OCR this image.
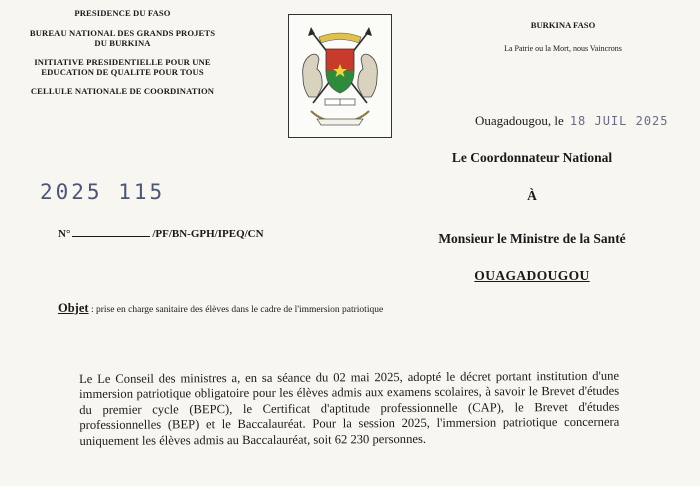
PRESIDENCE DU FASO
BUREAU NATIONAL DES GRANDS PROJETS
DU BURKINA
INITIATIVE PRESIDENTIELLE POUR UNE
EDUCATION DE QUALITE POUR TOUS
CELLULE NATIONALE DE COORDINATION
BURKINA FASO
La Patrie ou la Mort, nous Vaincrons
Ouagadougou, le 18 JUIL 2025
Le Coordonnateur National
À
Monsieur le Ministre de la Santé
OUAGADOUGOU
2025 115
N°	/PF/BN-GPH/IPEQ/CN
Objet : prise en charge sanitaire des élèves dans le cadre de l'immersion patriotique
Le Le Conseil des ministres a, en sa séance du 02 mai 2025, adopté le décret portant institution d'une immersion patriotique obligatoire pour les élèves admis aux examens scolaires, à savoir le Brevet d'études du premier cycle (BEPC), le Certificat d'aptitude professionnelle (CAP), le Brevet d'études professionnelles (BEP) et le Baccalauréat. Pour la session 2025, l'immersion patriotique concernera uniquement les élèves admis au Baccalauréat, soit 62 230 personnes.
